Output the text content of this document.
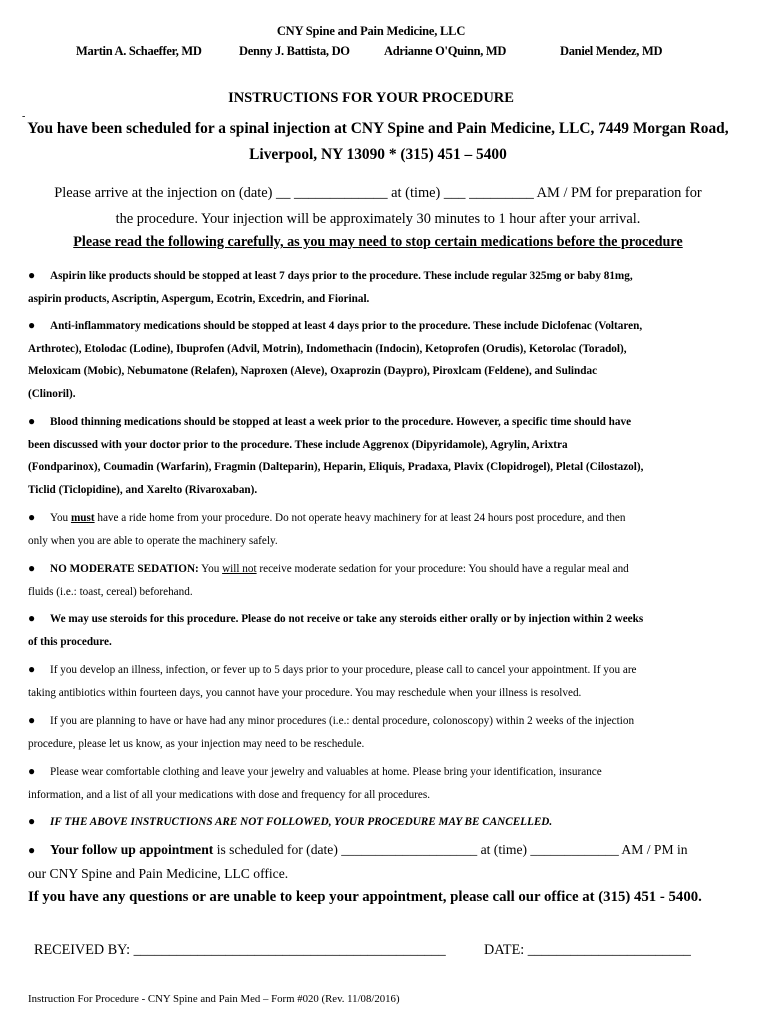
CNY Spine and Pain Medicine, LLC
Martin A. Schaeffer, MD	Denny J. Battista, DO	Adrianne O'Quinn, MD	Daniel Mendez, MD
INSTRUCTIONS FOR YOUR PROCEDURE
-
You have been scheduled for a spinal injection at CNY Spine and Pain Medicine, LLC, 7449 Morgan Road,
Liverpool, NY 13090 * (315) 451 – 5400
Please arrive at the injection on (date) __ _____________ at (time) ___ _________ AM / PM for preparation for
the procedure. Your injection will be approximately 30 minutes to 1 hour after your arrival.
Please read the following carefully, as you may need to stop certain medications before the procedure
● Aspirin like products should be stopped at least 7 days prior to the procedure. These include regular 325mg or baby 81mg,
aspirin products, Ascriptin, Aspergum, Ecotrin, Excedrin, and Fiorinal.
● Anti-inflammatory medications should be stopped at least 4 days prior to the procedure. These include Diclofenac (Voltaren,
Arthrotec), Etolodac (Lodine), Ibuprofen (Advil, Motrin), Indomethacin (Indocin), Ketoprofen (Orudis), Ketorolac (Toradol),
Meloxicam (Mobic), Nebumatone (Relafen), Naproxen (Aleve), Oxaprozin (Daypro), Piroxlcam (Feldene), and Sulindac
(Clinoril).
● Blood thinning medications should be stopped at least a week prior to the procedure. However, a specific time should have
been discussed with your doctor prior to the procedure. These include Aggrenox (Dipyridamole), Agrylin, Arixtra
(Fondparinox), Coumadin (Warfarin), Fragmin (Dalteparin), Heparin, Eliquis, Pradaxa, Plavix (Clopidrogel), Pletal (Cilostazol),
Ticlid (Ticlopidine), and Xarelto (Rivaroxaban).
● You must have a ride home from your procedure. Do not operate heavy machinery for at least 24 hours post procedure, and then
only when you are able to operate the machinery safely.
● NO MODERATE SEDATION: You will not receive moderate sedation for your procedure: You should have a regular meal and
fluids (i.e.: toast, cereal) beforehand.
● We may use steroids for this procedure. Please do not receive or take any steroids either orally or by injection within 2 weeks
of this procedure.
● If you develop an illness, infection, or fever up to 5 days prior to your procedure, please call to cancel your appointment. If you are
taking antibiotics within fourteen days, you cannot have your procedure. You may reschedule when your illness is resolved.
● If you are planning to have or have had any minor procedures (i.e.: dental procedure, colonoscopy) within 2 weeks of the injection
procedure, please let us know, as your injection may need to be reschedule.
● Please wear comfortable clothing and leave your jewelry and valuables at home. Please bring your identification, insurance
information, and a list of all your medications with dose and frequency for all procedures.
● IF THE ABOVE INSTRUCTIONS ARE NOT FOLLOWED, YOUR PROCEDURE MAY BE CANCELLED.
● Your follow up appointment is scheduled for (date) ____________________ at (time) _____________ AM / PM in
our CNY Spine and Pain Medicine, LLC office.
If you have any questions or are unable to keep your appointment, please call our office at (315) 451 - 5400.
RECEIVED BY: ____________________________________________	DATE: _______________________
Instruction For Procedure - CNY Spine and Pain Med – Form #020 (Rev. 11/08/2016)
